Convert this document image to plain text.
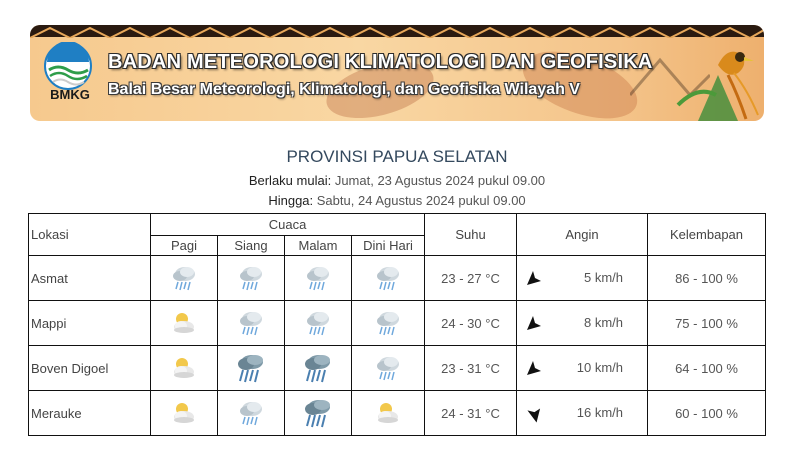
BMKG
BADAN METEOROLOGI KLIMATOLOGI DAN GEOFISIKA
Balai Besar Meteorologi, Klimatologi, dan Geofisika Wilayah V
PROVINSI PAPUA SELATAN
Berlaku mulai: Jumat, 23 Agustus 2024 pukul 09.00
Hingga: Sabtu, 24 Agustus 2024 pukul 09.00
Lokasi	Cuaca				Suhu	Angin	Kelembapan
	Pagi	Siang	Malam	Dini Hari			
Asmat					23 - 27 °C	5 km/h	86 - 100 %
Mappi					24 - 30 °C	8 km/h	75 - 100 %
Boven Digoel					23 - 31 °C	10 km/h	64 - 100 %
Merauke					24 - 31 °C	16 km/h	60 - 100 %
